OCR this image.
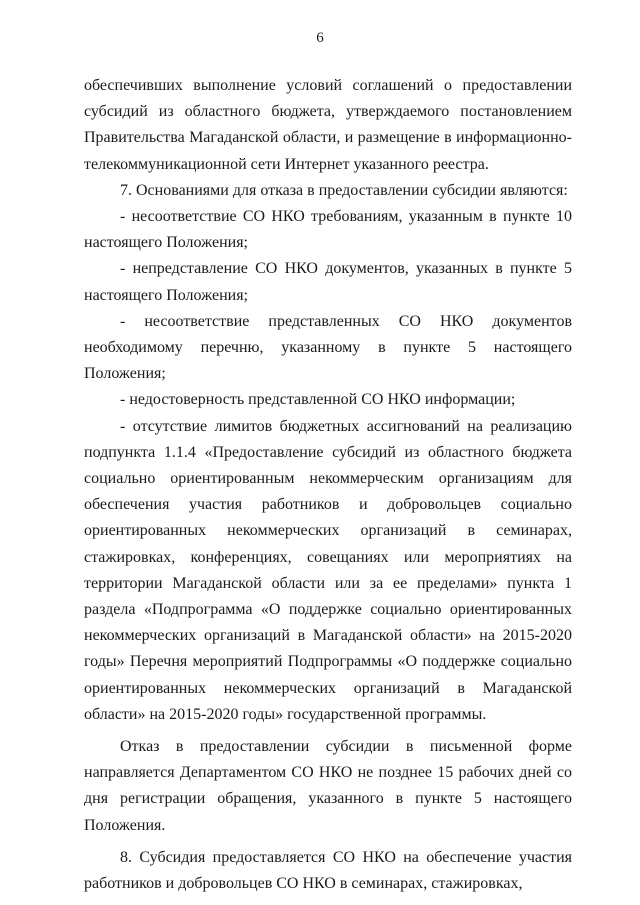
6

обеспечивших выполнение условий соглашений о предоставлении субсидий из областного бюджета, утверждаемого постановлением Правительства Магаданской области, и размещение в информационно-телекоммуникационной сети Интернет указанного реестра.

7. Основаниями для отказа в предоставлении субсидии являются:

- несоответствие СО НКО требованиям, указанным в пункте 10 настоящего Положения;

- непредставление СО НКО документов, указанных в пункте 5 настоящего Положения;

- несоответствие представленных СО НКО документов необходимому перечню, указанному в пункте 5 настоящего Положения;

- недостоверность представленной СО НКО информации;

- отсутствие лимитов бюджетных ассигнований на реализацию подпункта 1.1.4 «Предоставление субсидий из областного бюджета социально ориентированным некоммерческим организациям для обеспечения участия работников и добровольцев социально ориентированных некоммерческих организаций в семинарах, стажировках, конференциях, совещаниях или мероприятиях на территории Магаданской области или за ее пределами» пункта 1 раздела «Подпрограмма «О поддержке социально ориентированных некоммерческих организаций в Магаданской области» на 2015-2020 годы» Перечня мероприятий Подпрограммы «О поддержке социально ориентированных некоммерческих организаций в Магаданской области» на 2015-2020 годы» государственной программы.

Отказ в предоставлении субсидии в письменной форме направляется Департаментом СО НКО не позднее 15 рабочих дней со дня регистрации обращения, указанного в пункте 5 настоящего Положения.

8. Субсидия предоставляется СО НКО на обеспечение участия работников и добровольцев СО НКО в семинарах, стажировках,
